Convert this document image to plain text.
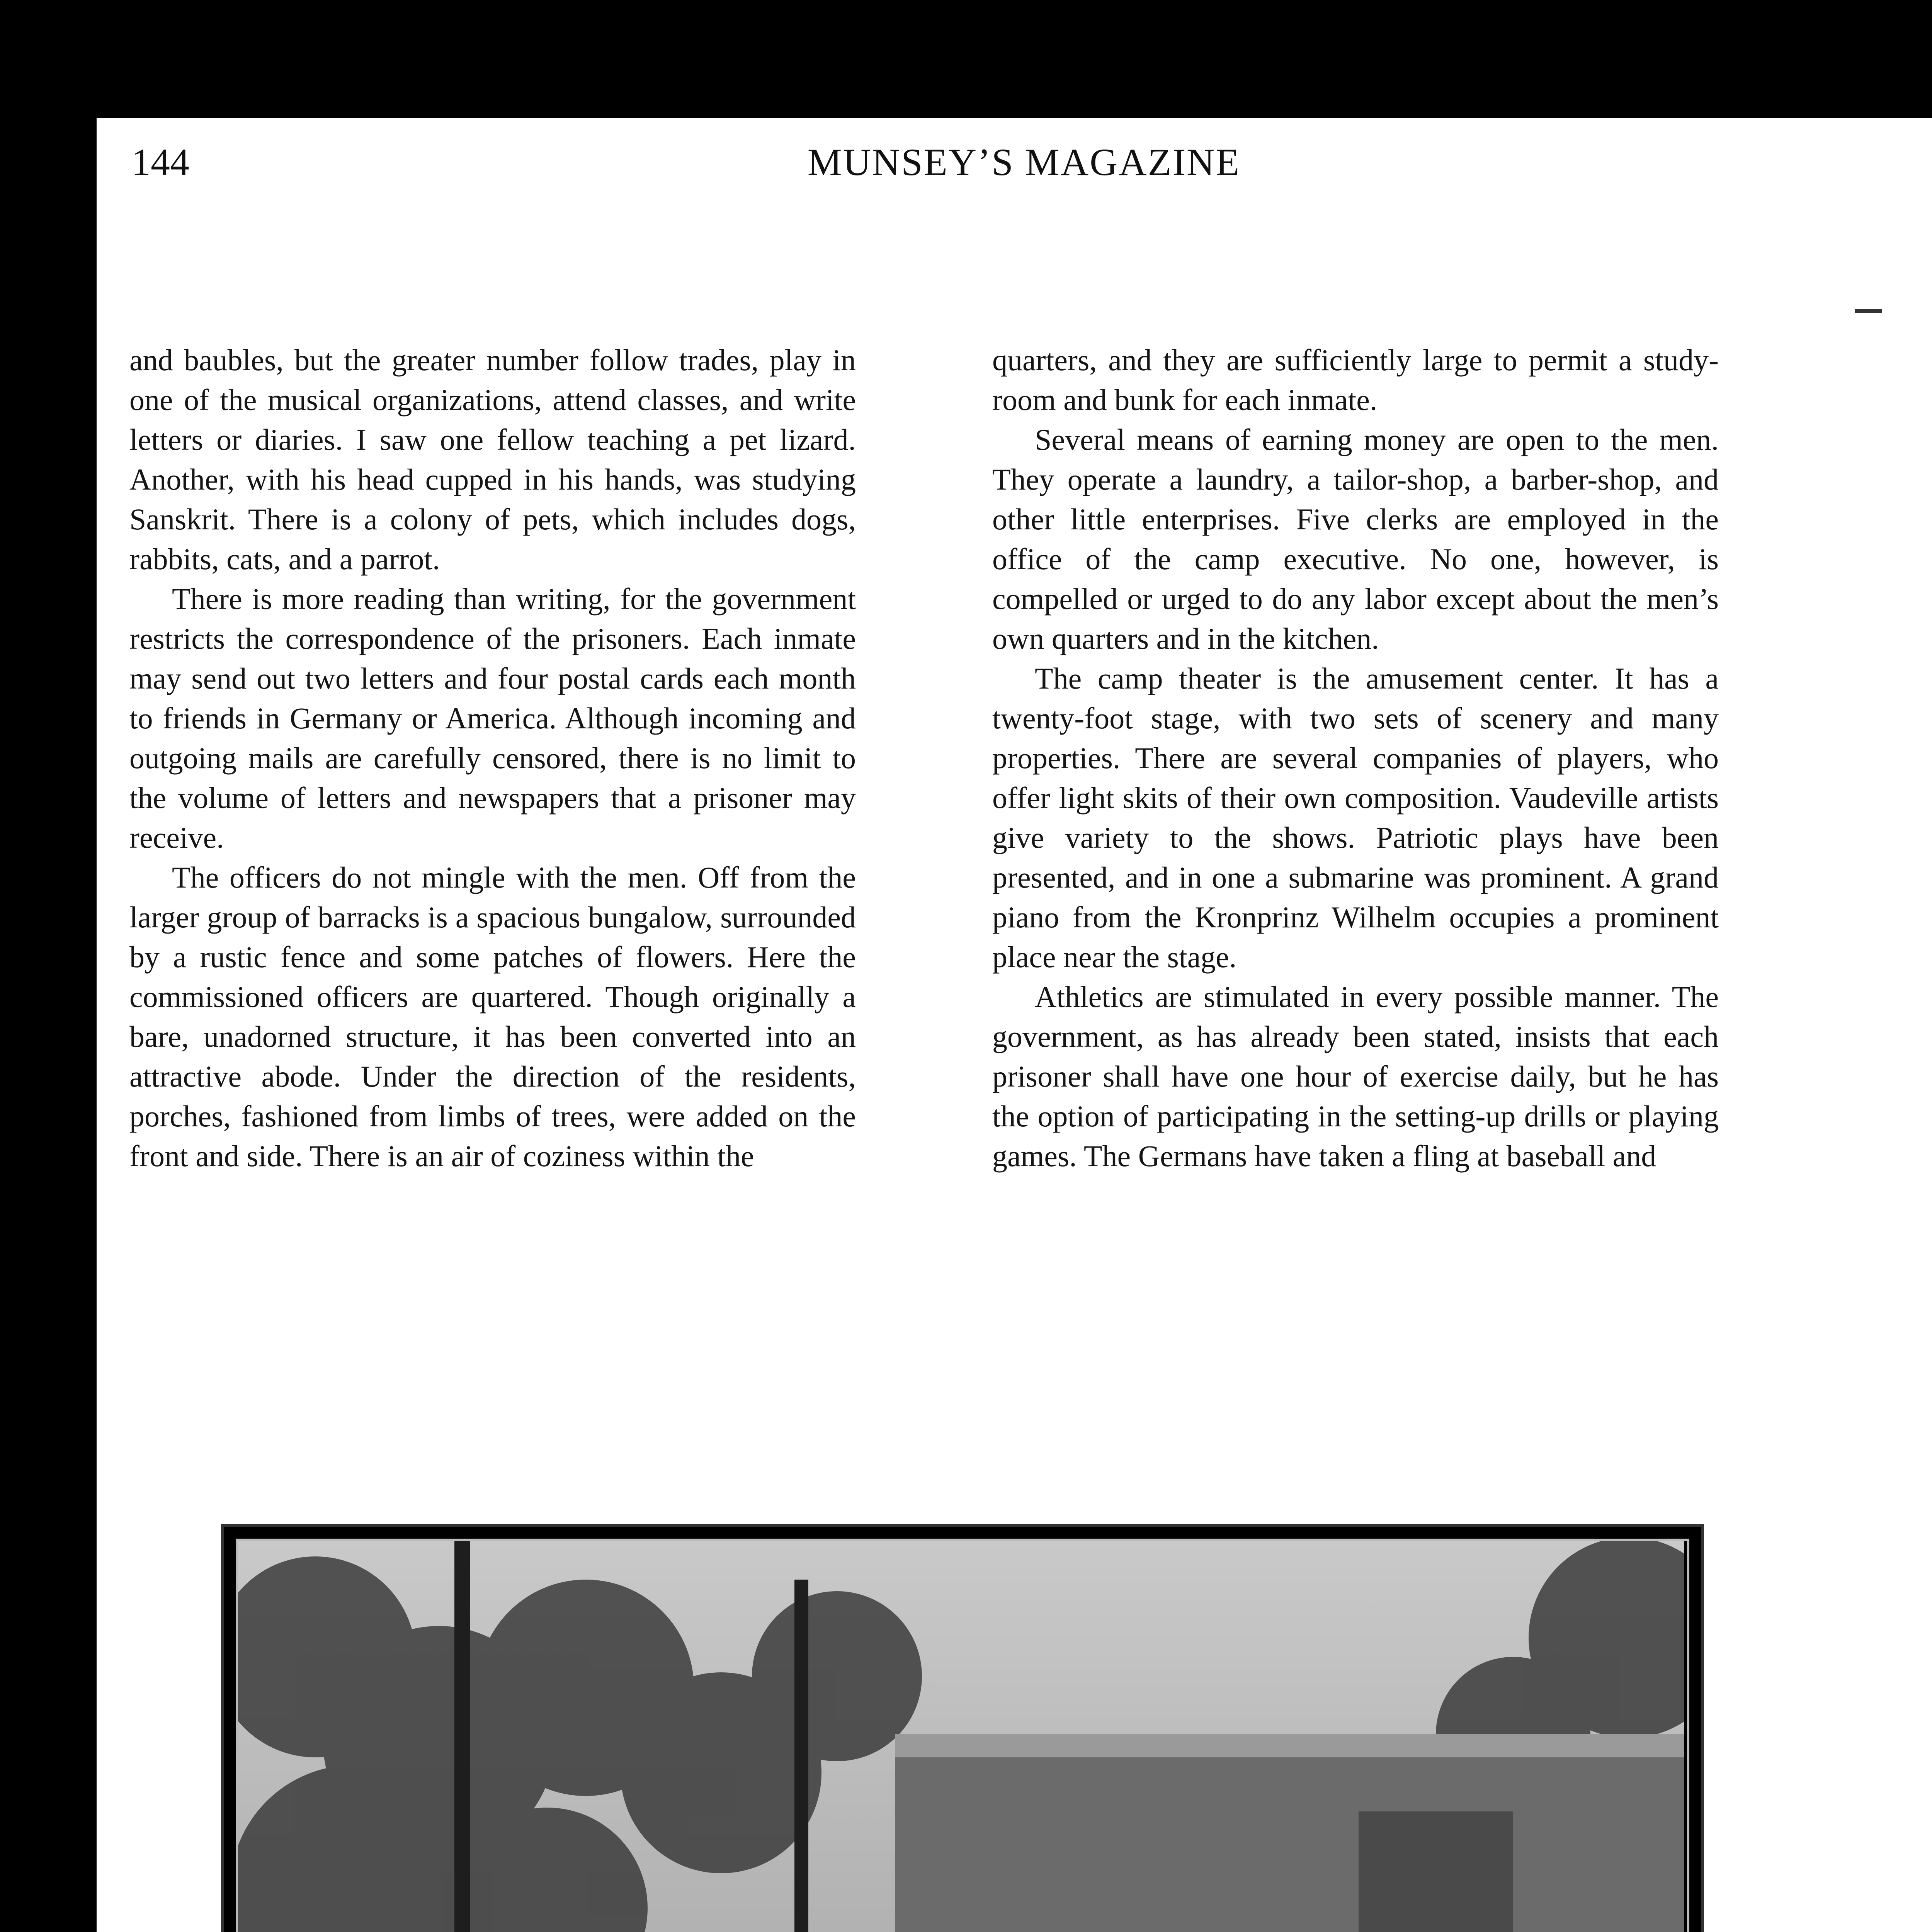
144	MUNSEY’S MAGAZINE

and baubles, but the greater number follow trades, play in one of the musical organizations, attend classes, and write letters or diaries. I saw one fellow teaching a pet lizard. Another, with his head cupped in his hands, was studying Sanskrit. There is a colony of pets, which includes dogs, rabbits, cats, and a parrot.

There is more reading than writing, for the government restricts the correspondence of the prisoners. Each inmate may send out two letters and four postal cards each month to friends in Germany or America. Although incoming and outgoing mails are carefully censored, there is no limit to the volume of letters and newspapers that a prisoner may receive.

The officers do not mingle with the men. Off from the larger group of barracks is a spacious bungalow, surrounded by a rustic fence and some patches of flowers. Here the commissioned officers are quartered. Though originally a bare, unadorned structure, it has been converted into an attractive abode. Under the direction of the residents, porches, fashioned from limbs of trees, were added on the front and side. There is an air of coziness within the

quarters, and they are sufficiently large to permit a study-room and bunk for each inmate.

Several means of earning money are open to the men. They operate a laundry, a tailor-shop, a barber-shop, and other little enterprises. Five clerks are employed in the office of the camp executive. No one, however, is compelled or urged to do any labor except about the men’s own quarters and in the kitchen.

The camp theater is the amusement center. It has a twenty-foot stage, with two sets of scenery and many properties. There are several companies of players, who offer light skits of their own composition. Vaudeville artists give variety to the shows. Patriotic plays have been presented, and in one a submarine was prominent. A grand piano from the Kronprinz Wilhelm occupies a prominent place near the stage.

Athletics are stimulated in every possible manner. The government, as has already been stated, insists that each prisoner shall have one hour of exercise daily, but he has the option of participating in the setting-up drills or playing games. The Germans have taken a fling at baseball and
